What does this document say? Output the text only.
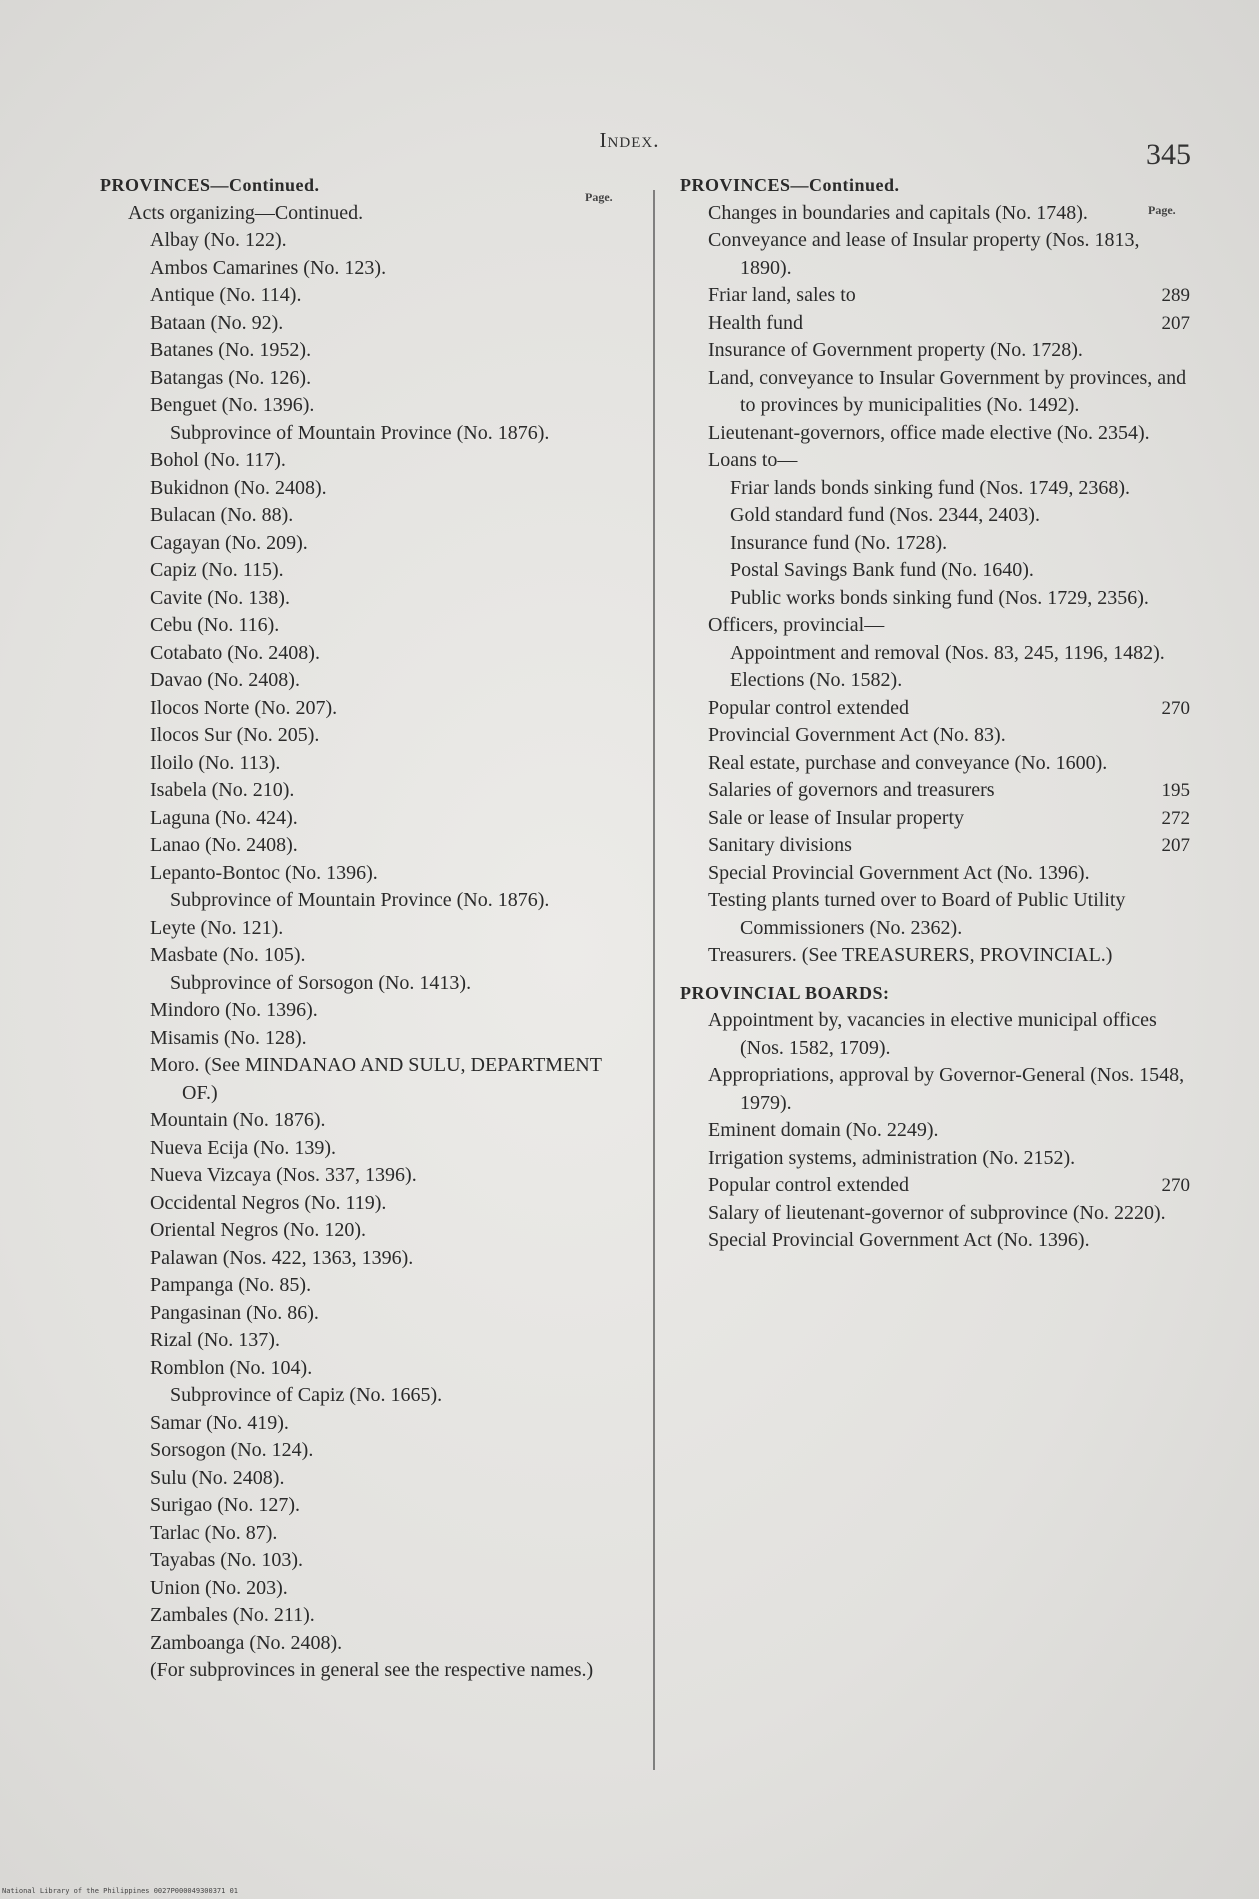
Index.	345
Page.
Page.
PROVINCES—Continued.
Acts organizing—Continued.
Albay (No. 122).
Ambos Camarines (No. 123).
Antique (No. 114).
Bataan (No. 92).
Batanes (No. 1952).
Batangas (No. 126).
Benguet (No. 1396).
Subprovince of Mountain Province (No. 1876).
Bohol (No. 117).
Bukidnon (No. 2408).
Bulacan (No. 88).
Cagayan (No. 209).
Capiz (No. 115).
Cavite (No. 138).
Cebu (No. 116).
Cotabato (No. 2408).
Davao (No. 2408).
Ilocos Norte (No. 207).
Ilocos Sur (No. 205).
Iloilo (No. 113).
Isabela (No. 210).
Laguna (No. 424).
Lanao (No. 2408).
Lepanto-Bontoc (No. 1396).
Subprovince of Mountain Province (No. 1876).
Leyte (No. 121).
Masbate (No. 105).
Subprovince of Sorsogon (No. 1413).
Mindoro (No. 1396).
Misamis (No. 128).
Moro. (See MINDANAO AND SULU, DEPARTMENT OF.)
Mountain (No. 1876).
Nueva Ecija (No. 139).
Nueva Vizcaya (Nos. 337, 1396).
Occidental Negros (No. 119).
Oriental Negros (No. 120).
Palawan (Nos. 422, 1363, 1396).
Pampanga (No. 85).
Pangasinan (No. 86).
Rizal (No. 137).
Romblon (No. 104).
Subprovince of Capiz (No. 1665).
Samar (No. 419).
Sorsogon (No. 124).
Sulu (No. 2408).
Surigao (No. 127).
Tarlac (No. 87).
Tayabas (No. 103).
Union (No. 203).
Zambales (No. 211).
Zamboanga (No. 2408).
(For subprovinces in general see the respective names.)
PROVINCES—Continued.
Changes in boundaries and capitals (No. 1748).
Conveyance and lease of Insular property (Nos. 1813, 1890).
Friar land, sales to	289
Health fund	207
Insurance of Government property (No. 1728).
Land, conveyance to Insular Government by provinces, and to provinces by municipalities (No. 1492).
Lieutenant-governors, office made elective (No. 2354).
Loans to—
Friar lands bonds sinking fund (Nos. 1749, 2368).
Gold standard fund (Nos. 2344, 2403).
Insurance fund (No. 1728).
Postal Savings Bank fund (No. 1640).
Public works bonds sinking fund (Nos. 1729, 2356).
Officers, provincial—
Appointment and removal (Nos. 83, 245, 1196, 1482).
Elections (No. 1582).
Popular control extended	270
Provincial Government Act (No. 83).
Real estate, purchase and conveyance (No. 1600).
Salaries of governors and treasurers	195
Sale or lease of Insular property	272
Sanitary divisions	207
Special Provincial Government Act (No. 1396).
Testing plants turned over to Board of Public Utility Commissioners (No. 2362).
Treasurers. (See TREASURERS, PROVINCIAL.)
PROVINCIAL BOARDS:
Appointment by, vacancies in elective municipal offices (Nos. 1582, 1709).
Appropriations, approval by Governor-General (Nos. 1548, 1979).
Eminent domain (No. 2249).
Irrigation systems, administration (No. 2152).
Popular control extended	270
Salary of lieutenant-governor of subprovince (No. 2220).
Special Provincial Government Act (No. 1396).
National Library of the Philippines 0027P000049300371 01
